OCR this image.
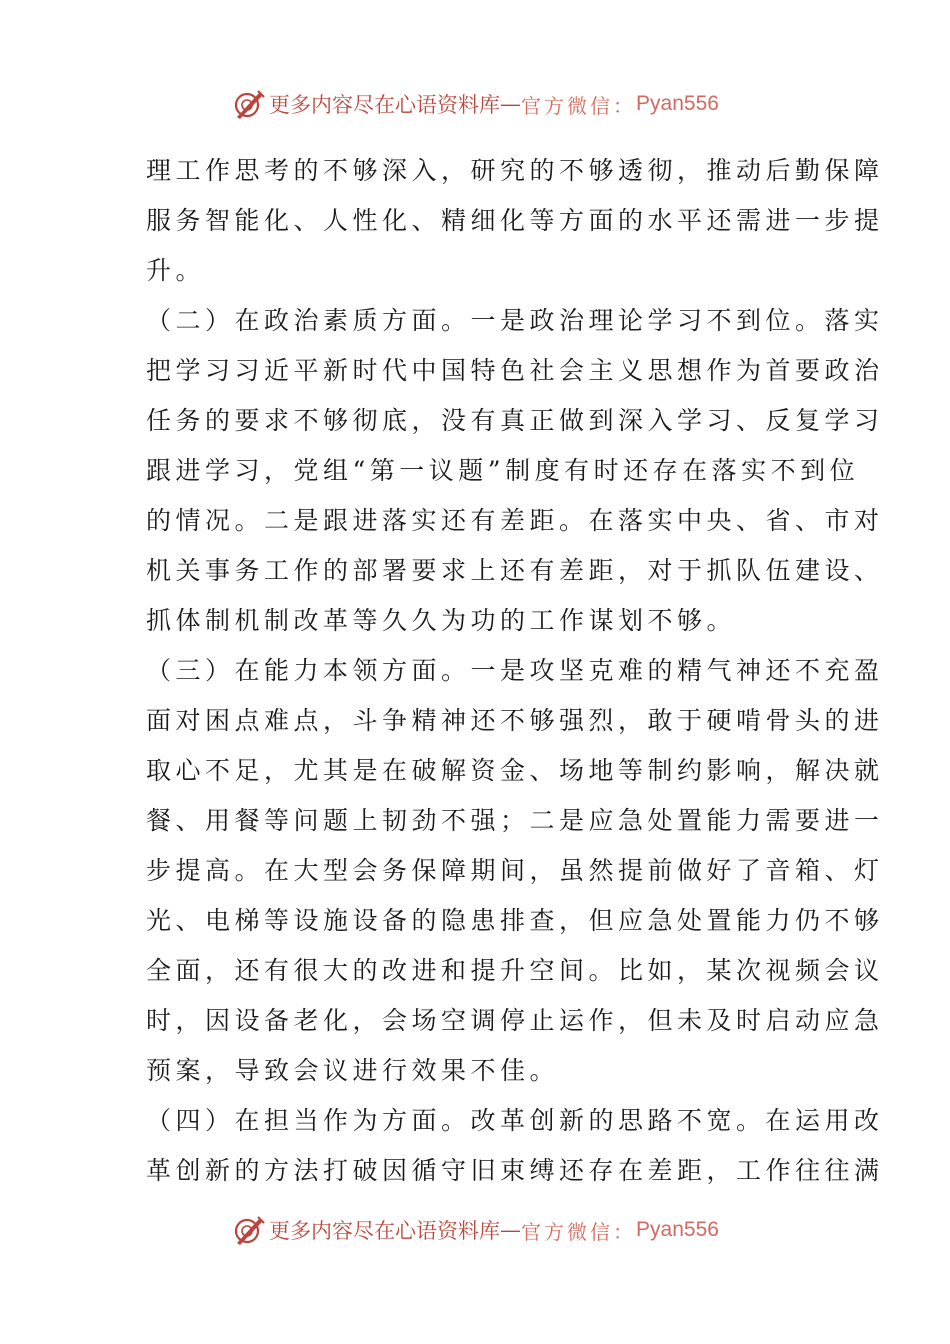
更多内容尽在心语资料库 — 官方微信： Pyan556
理工作思考的不够深入，研究的不够透彻，推动后勤保障
服务智能化、人性化、精细化等方面的水平还需进一步提
升。
（二）在政治素质方面。一是政治理论学习不到位。落实
把学习习近平新时代中国特色社会主义思想作为首要政治
任务的要求不够彻底，没有真正做到深入学习、反复学习
跟进学习，党组“第一议题”制度有时还存在落实不到位
的情况。二是跟进落实还有差距。在落实中央、省、市对
机关事务工作的部署要求上还有差距，对于抓队伍建设、
抓体制机制改革等久久为功的工作谋划不够。
（三）在能力本领方面。一是攻坚克难的精气神还不充盈
面对困点难点，斗争精神还不够强烈，敢于硬啃骨头的进
取心不足，尤其是在破解资金、场地等制约影响，解决就
餐、用餐等问题上韧劲不强；二是应急处置能力需要进一
步提高。在大型会务保障期间，虽然提前做好了音箱、灯
光、电梯等设施设备的隐患排查，但应急处置能力仍不够
全面，还有很大的改进和提升空间。比如，某次视频会议
时，因设备老化，会场空调停止运作，但未及时启动应急
预案，导致会议进行效果不佳。
（四）在担当作为方面。改革创新的思路不宽。在运用改
革创新的方法打破因循守旧束缚还存在差距，工作往往满
更多内容尽在心语资料库 — 官方微信： Pyan556
